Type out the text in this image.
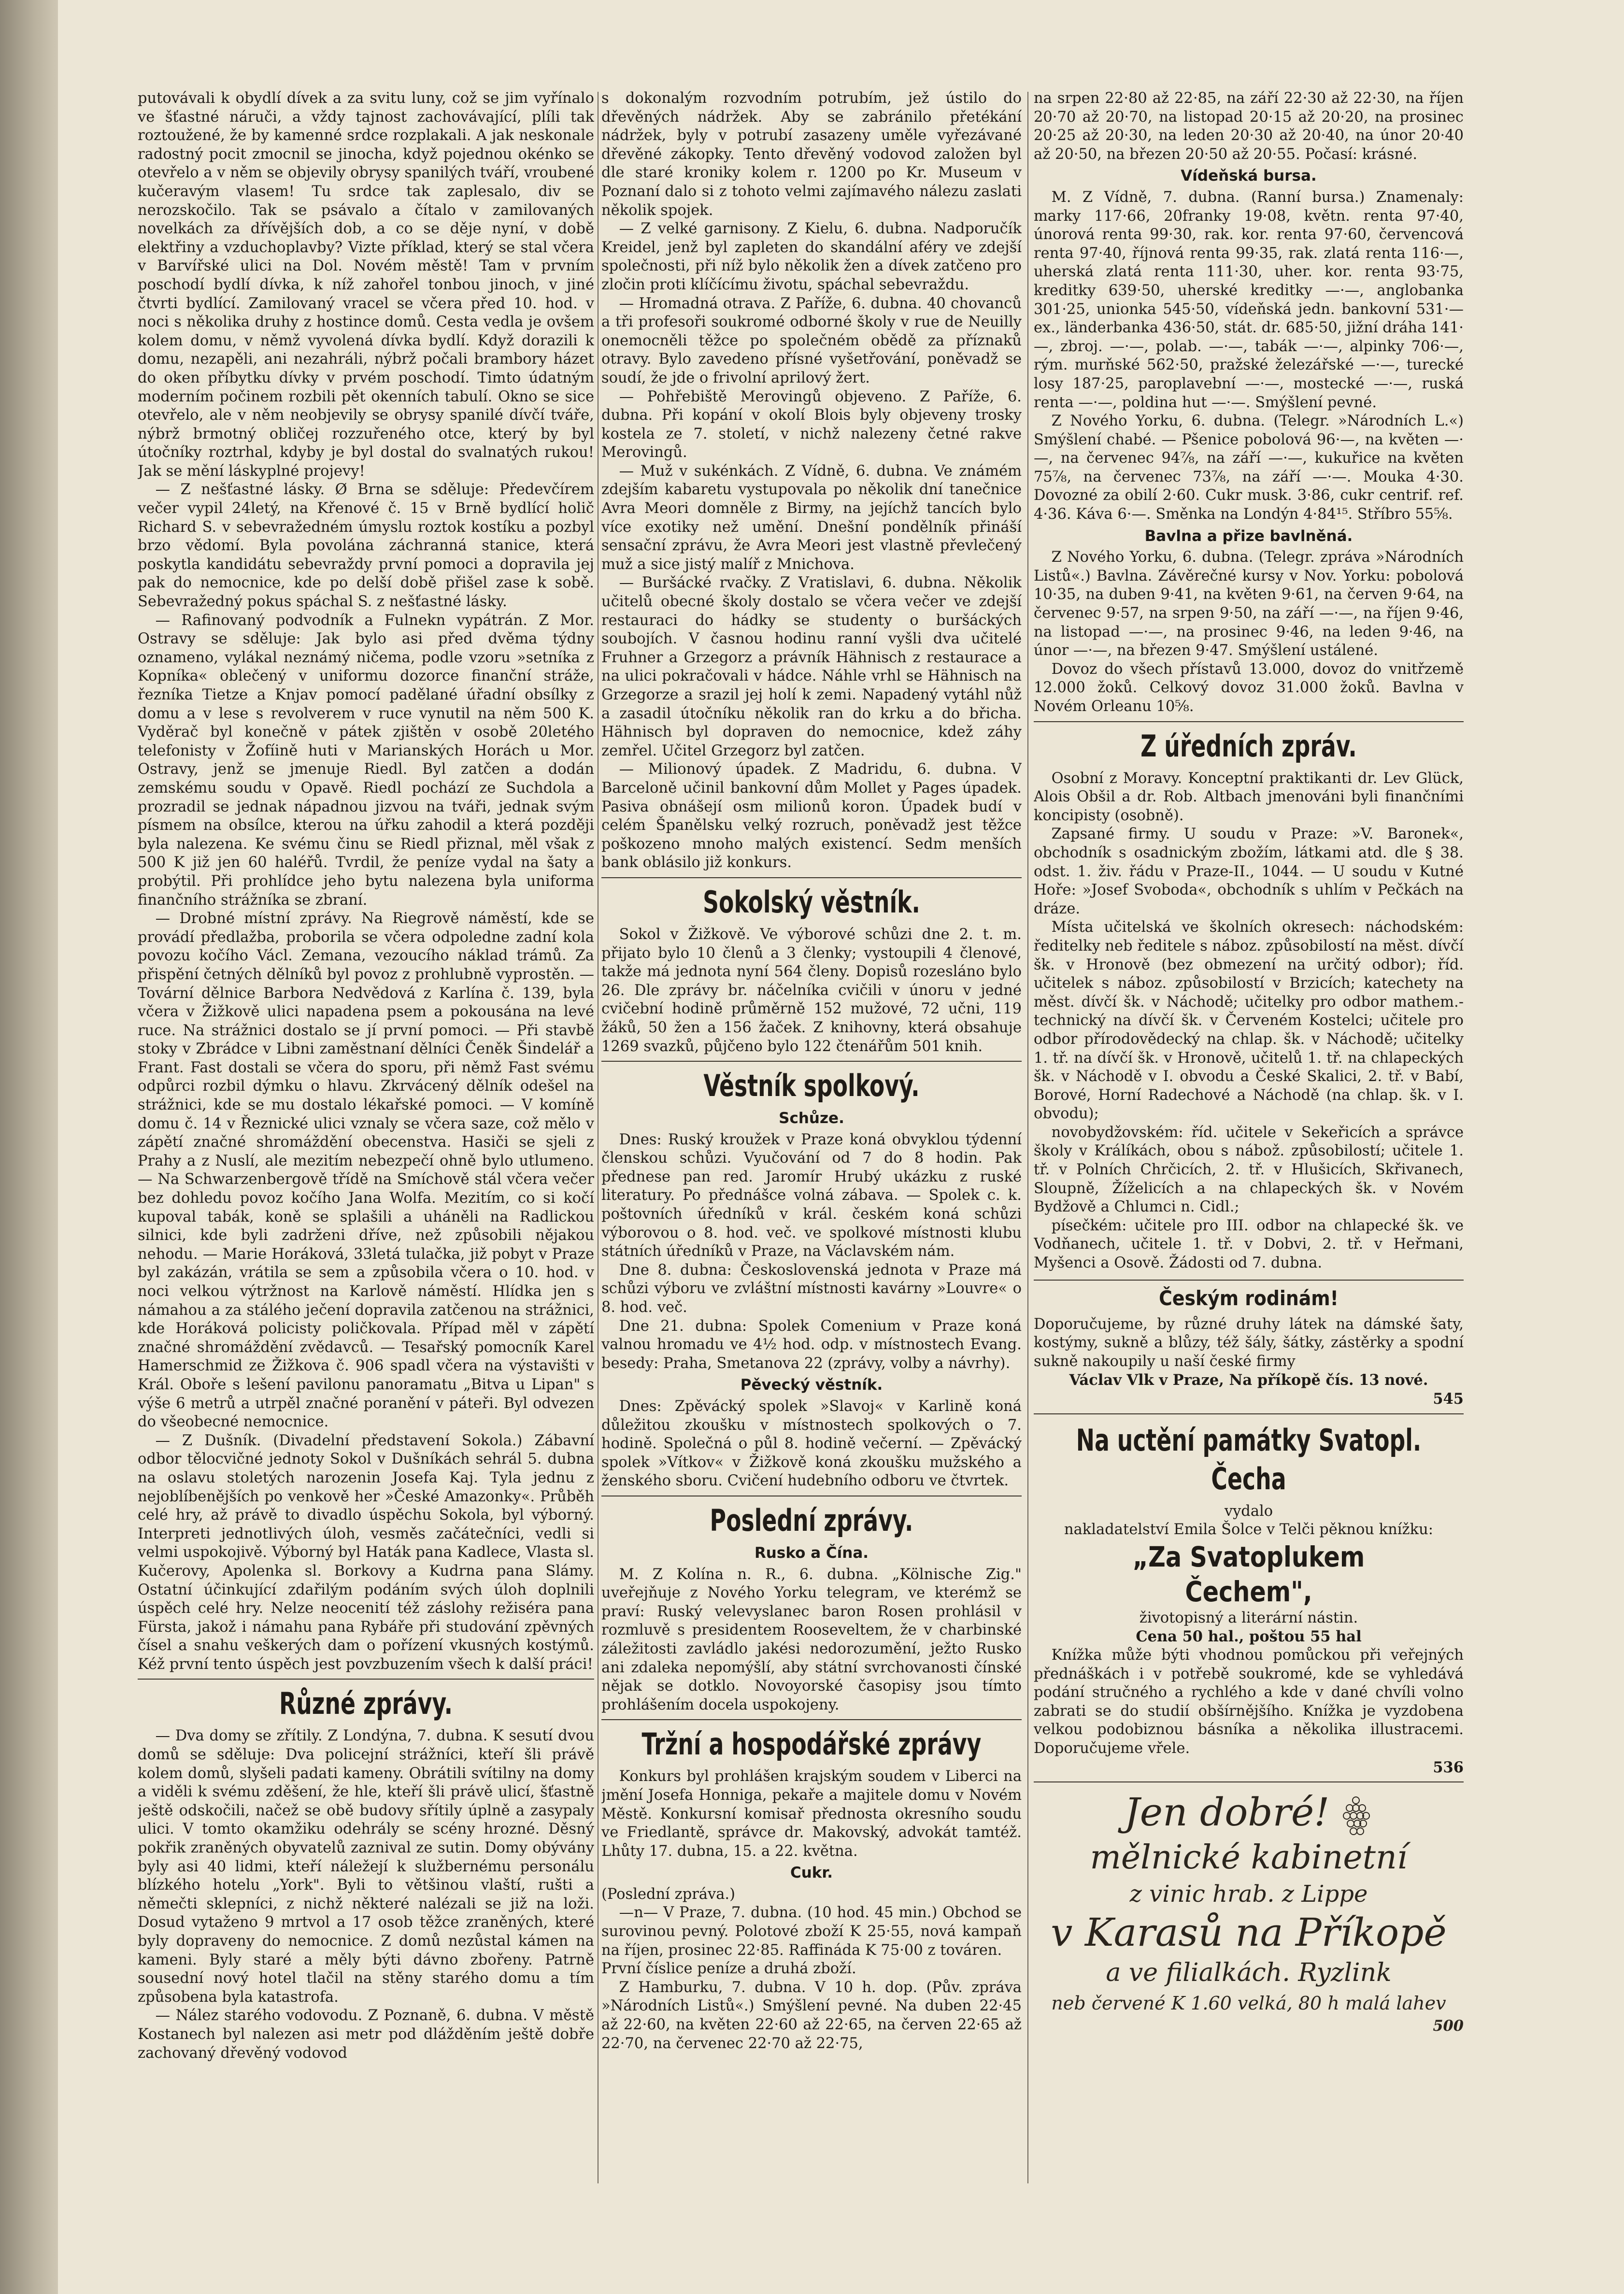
putovávali k obydlí dívek a za svitu luny, což se jim vyřínalo ve šťastné náruči, a vždy tajnost zachovávající, plíli tak roztoužené, že by kamenné srdce rozplakali. A jak neskonale radostný pocit zmocnil se jinocha, když pojednou okénko se otevřelo a v něm se objevily obrysy spanilých tváří, vroubené kučeravým vlasem! Tu srdce tak zaplesalo, div se nerozskočilo. Tak se psávalo a čítalo v zamilovaných novelkách za dřívějších dob, a co se děje nyní, v době elektřiny a vzduchoplavby? Vizte příklad, který se stal včera v Barvířské ulici na Dol. Novém městě! Tam v prvním poschodí bydlí dívka, k níž zahořel tonbou jinoch, v jiné čtvrti bydlící. Zamilovaný vracel se včera před 10. hod. v noci s několika druhy z hostince domů. Cesta vedla je ovšem kolem domu, v němž vyvolená dívka bydlí. Když dorazili k domu, nezapěli, ani nezahráli, nýbrž počali brambory házet do oken příbytku dívky v prvém poschodí. Timto údatným moderním počinem rozbili pět okenních tabulí. Okno se sice otevřelo, ale v něm neobjevily se obrysy spanilé dívčí tváře, nýbrž brmotný obličej rozzuřeného otce, který by byl útočníky roztrhal, kdyby je byl dostal do svalnatých rukou! Jak se mění láskyplné projevy!

— Z nešťastné lásky. Ø Brna se sděluje: Předevčírem večer vypil 24letý, na Křenové č. 15 v Brně bydlící holič Richard S. v sebevražedném úmyslu roztok kostíku a pozbyl brzo vědomí. Byla povolána záchranná stanice, která poskytla kandidátu sebevraždy první pomoci a dopravila jej pak do nemocnice, kde po delší době přišel zase k sobě. Sebevražedný pokus spáchal S. z nešťastné lásky.

— Rafinovaný podvodník a Fulnekn vypátrán. Z Mor. Ostravy se sděluje: Jak bylo asi před dvěma týdny oznameno, vylákal neznámý ničema, podle vzoru »setníka z Kopníka« oblečený v uniformu dozorce finanční stráže, řezníka Tietze a Knjav pomocí padělané úřadní obsílky z domu a v lese s revolverem v ruce vynutil na něm 500 K. Vyděrač byl konečně v pátek zjištěn v osobě 20letého telefonisty v Žofíině huti v Marianských Horách u Mor. Ostravy, jenž se jmenuje Riedl. Byl zatčen a dodán zemskému soudu v Opavě. Riedl pochází ze Suchdola a prozradil se jednak nápadnou jizvou na tváři, jednak svým písmem na obsílce, kterou na úřku zahodil a která později byla nalezena. Ke svému činu se Riedl přiznal, měl však z 500 K již jen 60 haléřů. Tvrdil, že peníze vydal na šaty a probýtil. Při prohlídce jeho bytu nalezena byla uniforma finančního strážníka se zbraní.

— Drobné místní zprávy. Na Riegrově náměstí, kde se provádí předlažba, proborila se včera odpoledne zadní kola povozu kočího Václ. Zemana, vezoucího náklad trámů. Za přispění četných dělníků byl povoz z prohlubně vyprostěn. — Tovární dělnice Barbora Nedvědová z Karlína č. 139, byla včera v Žižkově ulici napadena psem a pokousána na levé ruce. Na strážnici dostalo se jí první pomoci. — Při stavbě stoky v Zbrádce v Libni zaměstnaní dělníci Čeněk Šindelář a Frant. Fast dostali se včera do sporu, při němž Fast svému odpůrci rozbil dýmku o hlavu. Zkrvácený dělník odešel na strážnici, kde se mu dostalo lékařské pomoci. — V komíně domu č. 14 v Řeznické ulici vznaly se včera saze, což mělo v zápětí značné shromáždění obecenstva. Hasiči se sjeli z Prahy a z Nuslí, ale mezitím nebezpečí ohně bylo utlumeno. — Na Schwarzenbergově třídě na Smíchově stál včera večer bez dohledu povoz kočího Jana Wolfa. Mezitím, co si kočí kupoval tabák, koně se splašili a uháněli na Radlickou silnici, kde byli zadrženi dříve, než způsobili nějakou nehodu. — Marie Horáková, 33letá tulačka, již pobyt v Praze byl zakázán, vrátila se sem a způsobila včera o 10. hod. v noci velkou výtržnost na Karlově náměstí. Hlídka jen s námahou a za stálého ječení dopravila zatčenou na strážnici, kde Horáková policisty poličkovala. Případ měl v zápětí značné shromáždění zvědavců. — Tesařský pomocník Karel Hamerschmid ze Žižkova č. 906 spadl včera na výstavišti v Král. Oboře s lešení pavilonu panoramatu „Bitva u Lipan" s výše 6 metrů a utrpěl značné poranění v páteři. Byl odvezen do všeobecné nemocnice.

— Z Dušník. (Divadelní představení Sokola.) Zábavní odbor tělocvičné jednoty Sokol v Dušníkách sehrál 5. dubna na oslavu stoletých narozenin Josefa Kaj. Tyla jednu z nejoblíbenějších po venkově her »České Amazonky«. Průběh celé hry, až právě to divadlo úspěchu Sokola, byl výborný. Interpreti jednotlivých úloh, vesměs začátečníci, vedli si velmi uspokojivě. Výborný byl Haták pana Kadlece, Vlasta sl. Kučerovy, Apolenka sl. Borkovy a Kudrna pana Slámy. Ostatní účinkující zdařilým podáním svých úloh doplnili úspěch celé hry. Nelze neocenití též záslohy režiséra pana Fürsta, jakož i námahu pana Rybáře při studování zpěvných čísel a snahu veškerých dam o pořízení vkusných kostýmů. Kéž první tento úspěch jest povzbuzením všech k další práci!

Různé zprávy.

— Dva domy se zřítily. Z Londýna, 7. dubna. K sesutí dvou domů se sděluje: Dva policejní strážníci, kteří šli právě kolem domů, slyšeli padati kameny. Obrátili svítilny na domy a viděli k svému zděšení, že hle, kteří šli právě ulicí, šťastně ještě odskočili, načež se obě budovy sřítily úplně a zasypaly ulici. V tomto okamžiku odehrály se scény hrozné. Děsný pokřik zraněných obyvatelů zaznival ze sutin. Domy obývány byly asi 40 lidmi, kteří náležejí k službernému personálu blízkého hotelu „York". Byli to většinou vlaští, rušti a němečti sklepníci, z nichž některé nalézali se již na loži. Dosud vytaženo 9 mrtvol a 17 osob těžce zraněných, které byly dopraveny do nemocnice. Z domů nezůstal kámen na kameni. Byly staré a měly býti dávno zbořeny. Patrně sousední nový hotel tlačil na stěny starého domu a tím způsobena byla katastrofa.

— Nález starého vodovodu. Z Poznaně, 6. dubna. V městě Kostanech byl nalezen asi metr pod dlážděním ještě dobře zachovaný dřevěný vodovod

s dokonalým rozvodním potrubím, jež ústilo do dřevěných nádržek. Aby se zabránilo přetékání nádržek, byly v potrubí zasazeny uměle vyřezávané dřevěné zákopky. Tento dřevěný vodovod založen byl dle staré kroniky kolem r. 1200 po Kr. Museum v Poznaní dalo si z tohoto velmi zajímavého nálezu zaslati několik spojek.

— Z velké garnisony. Z Kielu, 6. dubna. Nadporučík Kreidel, jenž byl zapleten do skandální aféry ve zdejší společnosti, při níž bylo několik žen a dívek zatčeno pro zločin proti klíčícímu životu, spáchal sebevraždu.

— Hromadná otrava. Z Paříže, 6. dubna. 40 chovanců a tři profesoři soukromé odborné školy v rue de Neuilly onemocněli těžce po společném obědě za příznaků otravy. Bylo zavedeno přísné vyšetřování, poněvadž se soudí, že jde o frivolní aprilový žert.

— Pohřebiště Merovingů objeveno. Z Paříže, 6. dubna. Při kopání v okolí Blois byly objeveny trosky kostela ze 7. století, v nichž nalezeny četné rakve Merovingů.

— Muž v sukénkách. Z Vídně, 6. dubna. Ve známém zdejším kabaretu vystupovala po několik dní tanečnice Avra Meori domněle z Birmy, na jejíchž tancích bylo více exotiky než umění. Dnešní pondělník přináší sensační zprávu, že Avra Meori jest vlastně převlečený muž a sice jistý malíř z Mnichova.

— Buršácké rvačky. Z Vratislavi, 6. dubna. Několik učitelů obecné školy dostalo se včera večer ve zdejší restauraci do hádky se studenty o buršáckých soubojích. V časnou hodinu ranní vyšli dva učitelé Fruhner a Grzegorz a právník Hähnisch z restaurace a na ulici pokračovali v hádce. Náhle vrhl se Hähnisch na Grzegorze a srazil jej holí k zemi. Napadený vytáhl nůž a zasadil útočníku několik ran do krku a do břicha. Hähnisch byl dopraven do nemocnice, kdež záhy zemřel. Učitel Grzegorz byl zatčen.

— Milionový úpadek. Z Madridu, 6. dubna. V Barceloně učinil bankovní dům Mollet y Pages úpadek. Pasiva obnášejí osm milionů koron. Úpadek budí v celém Španělsku velký rozruch, poněvadž jest těžce poškozeno mnoho malých existencí. Sedm menších bank oblásilo již konkurs.

Sokolský věstník.

Sokol v Žižkově. Ve výborové schůzi dne 2. t. m. přijato bylo 10 členů a 3 členky; vystoupili 4 členové, takže má jednota nyní 564 členy. Dopisů rozesláno bylo 26. Dle zprávy br. náčelníka cvičili v únoru v jedné cvičební hodině průměrně 152 mužové, 72 učni, 119 žáků, 50 žen a 156 žaček. Z knihovny, která obsahuje 1269 svazků, půjčeno bylo 122 čtenářům 501 knih.

Věstník spolkový.
Schůze.

Dnes: Ruský kroužek v Praze koná obvyklou týdenní členskou schůzi. Vyučování od 7 do 8 hodin. Pak přednese pan red. Jaromír Hrubý ukázku z ruské literatury. Po přednášce volná zábava. — Spolek c. k. poštovních úředníků v král. českém koná schůzi výborovou o 8. hod. več. ve spolkové místnosti klubu státních úředníků v Praze, na Václavském nám.

Dne 8. dubna: Československá jednota v Praze má schůzi výboru ve zvláštní místnosti kavárny »Louvre« o 8. hod. več.

Dne 21. dubna: Spolek Comenium v Praze koná valnou hromadu ve 4½ hod. odp. v místnostech Evang. besedy: Praha, Smetanova 22 (zprávy, volby a návrhy).

Pěvecký věstník.

Dnes: Zpěvácký spolek »Slavoj« v Karlině koná důležitou zkoušku v místnostech spolkových o 7. hodině. Společná o půl 8. hodině večerní. — Zpěvácký spolek »Vítkov« v Žižkově koná zkoušku mužského a ženského sboru. Cvičení hudebního odboru ve čtvrtek.

Poslední zprávy.
Rusko a Čína.

M. Z Kolína n. R., 6. dubna. „Kölnische Zig." uveřejňuje z Nového Yorku telegram, ve kterémž se praví: Ruský velevyslanec baron Rosen prohlásil v rozmluvě s presidentem Rooseveltem, že v charbinské záležitosti zavládlo jakési nedorozumění, ježto Rusko ani zdaleka nepomýšlí, aby státní svrchovanosti čínské nějak se dotklo. Novoyorské časopisy jsou tímto prohlášením docela uspokojeny.

Tržní a hospodářské zprávy

Konkurs byl prohlášen krajským soudem v Liberci na jmění Josefa Honniga, pekaře a majitele domu v Novém Městě. Konkursní komisař přednosta okresního soudu ve Friedlantě, správce dr. Makovský, advokát tamtéž. Lhůty 17. dubna, 15. a 22. května.

Cukr.
(Poslední zpráva.)

—n— V Praze, 7. dubna. (10 hod. 45 min.) Obchod se surovinou pevný. Polotové zboží K 25·55, nová kampaň na říjen, prosinec 22·85. Raffináda K 75·00 z továren.

První číslice peníze a druhá zboží.

Z Hamburku, 7. dubna. V 10 h. dop. (Pův. zpráva »Národních Listů«.) Smýšlení pevné. Na duben 22·45 až 22·60, na květen 22·60 až 22·65, na červen 22·65 až 22·70, na červenec 22·70 až 22·75,

na srpen 22·80 až 22·85, na září 22·30 až 22·30, na říjen 20·70 až 20·70, na listopad 20·15 až 20·20, na prosinec 20·25 až 20·30, na leden 20·30 až 20·40, na únor 20·40 až 20·50, na březen 20·50 až 20·55. Počasí: krásné.

Vídeňská bursa.

M. Z Vídně, 7. dubna. (Ranní bursa.) Znamenaly: marky 117·66, 20franky 19·08, květn. renta 97·40, únorová renta 99·30, rak. kor. renta 97·60, červencová renta 97·40, říjnová renta 99·35, rak. zlatá renta 116·—, uherská zlatá renta 111·30, uher. kor. renta 93·75, kreditky 639·50, uherské kreditky —·—, anglobanka 301·25, unionka 545·50, vídeňská jedn. bankovní 531·— ex., länderbanka 436·50, stát. dr. 685·50, jižní dráha 141·—, zbroj. —·—, polab. —·—, tabák —·—, alpinky 706·—, rým. murňské 562·50, pražské železářské —·—, turecké losy 187·25, paroplavební —·—, mostecké —·—, ruská renta —·—, poldina hut —·—. Smýšlení pevné.

Z Nového Yorku, 6. dubna. (Telegr. »Národních L.«) Smýšlení chabé. — Pšenice pobolová 96·—, na květen —·—, na červenec 94⅞, na září —·—, kukuřice na květen 75⅞, na červenec 73⅞, na září —·—. Mouka 4·30. Dovozné za obilí 2·60. Cukr musk. 3·86, cukr centrif. ref. 4·36. Káva 6·—. Směnka na Londýn 4·84¹⁵. Stříbro 55⅝.

Bavlna a přize bavlněná.

Z Nového Yorku, 6. dubna. (Telegr. zpráva »Národních Listů«.) Bavlna. Závěrečné kursy v Nov. Yorku: pobolová 10·35, na duben 9·41, na květen 9·61, na červen 9·64, na červenec 9·57, na srpen 9·50, na září —·—, na říjen 9·46, na listopad —·—, na prosinec 9·46, na leden 9·46, na únor —·—, na březen 9·47. Smýšlení ustálené.

Dovoz do všech přístavů 13.000, dovoz do vnitřzemě 12.000 žoků. Celkový dovoz 31.000 žoků. Bavlna v Novém Orleanu 10⅝.

Z úředních zpráv.

Osobní z Moravy. Konceptní praktikanti dr. Lev Glück, Alois Obšil a dr. Rob. Altbach jmenováni byli finančními koncipisty (osobně).

Zapsané firmy. U soudu v Praze: »V. Baronek«, obchodník s osadnickým zbožím, látkami atd. dle § 38. odst. 1. živ. řádu v Praze-II., 1044. — U soudu v Kutné Hoře: »Josef Svoboda«, obchodník s uhlím v Pečkách na dráze.

Místa učitelská ve školních okresech: náchodském: ředitelky neb ředitele s náboz. způsobilostí na měst. dívčí šk. v Hronově (bez obmezení na určitý odbor); říd. učitelek s náboz. způsobilostí v Brzicích; katechety na měst. dívčí šk. v Náchodě; učitelky pro odbor mathem.-technický na dívčí šk. v Červeném Kostelci; učitele pro odbor přírodovědecký na chlap. šk. v Náchodě; učitelky 1. tř. na dívčí šk. v Hronově, učitelů 1. tř. na chlapeckých šk. v Náchodě v I. obvodu a České Skalici, 2. tř. v Babí, Borové, Horní Radechové a Náchodě (na chlap. šk. v I. obvodu);

novobydžovském: říd. učitele v Sekeřicích a správce školy v Králíkách, obou s nábož. způsobilostí; učitele 1. tř. v Polních Chrčicích, 2. tř. v Hlušicích, Skřivanech, Sloupně, Žíželicích a na chlapeckých šk. v Novém Bydžově a Chlumci n. Cidl.;

písečkém: učitele pro III. odbor na chlapecké šk. ve Vodňanech, učitele 1. tř. v Dobvi, 2. tř. v Heřmani, Myšenci a Osově. Žádosti od 7. dubna.

Českým rodinám!

Doporučujeme, by různé druhy látek na dámské šaty, kostýmy, sukně a blůzy, též šály, šátky, zástěrky a spodní sukně nakoupily u naší české firmy

Václav Vlk v Praze, Na příkopě čís. 13 nové.
545
Na uctění památky Svatopl. Čecha
vydalo
nakladatelství Emila Šolce v Telči pěknou knížku:
„Za Svatoplukem Čechem",
životopisný a literární nástin.
Cena 50 hal., poštou 55 hal

Knížka může býti vhodnou pomůckou při veřejných přednáškách i v potřebě soukromé, kde se vyhledává podání stručného a rychlého a kde v dané chvíli volno zabrati se do studií obšírnějšího. Knížka je vyzdobena velkou podobiznou básníka a několika illustracemi. Doporučujeme vřele.

536
Jen dobré!
mělnické kabinetní
z vinic hrab. z Lippe
v Karasů na Příkopě
a ve filialkách. Ryzlink
neb červené K 1.60 velká, 80 h malá lahev
500
